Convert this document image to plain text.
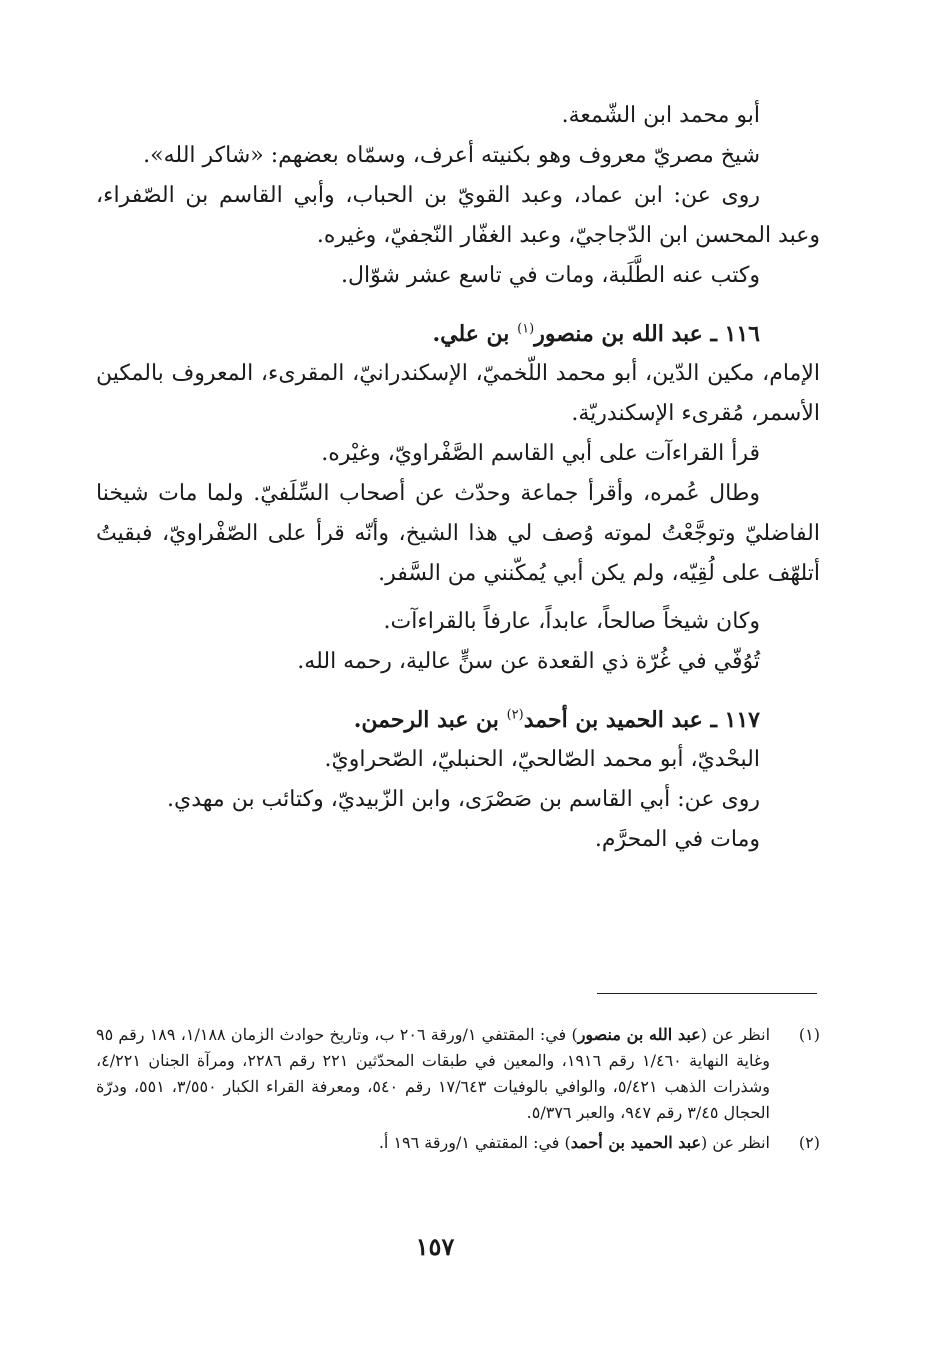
أبو محمد ابن الشّمعة.

شيخ مصريّ معروف وهو بكنيته أعرف، وسمّاه بعضهم: «شاكر الله».

روى عن: ابن عماد، وعبد القويّ بن الحباب، وأبي القاسم بن الصّفراء، وعبد المحسن ابن الدّجاجيّ، وعبد الغفّار النّجفيّ، وغيره.

وكتب عنه الطَّلَبة، ومات في تاسع عشر شوّال.

١١٦ ـ عبد الله بن منصور$^{(١)}$ بن علي.

الإمام، مكين الدّين، أبو محمد اللّخميّ، الإسكندرانيّ، المقرىء، المعروف بالمكين الأسمر، مُقرىء الإسكندريّة.

قرأ القراءآت على أبي القاسم الصَّفْراويّ، وغيْره.

وطال عُمره، وأقرأ جماعة وحدّث عن أصحاب السِّلَفيّ. ولما مات شيخنا الفاضليّ وتوجَّعْتُ لموته وُصف لي هذا الشيخ، وأنّه قرأ على الصّفْراويّ، فبقيتُ أتلهّف على لُقِيّه، ولم يكن أبي يُمكّنني من السَّفر.

وكان شيخاً صالحاً، عابداً، عارفاً بالقراءآت.

تُوُفّي في غُرّة ذي القعدة عن سنٍّ عالية، رحمه الله.

١١٧ ـ عبد الحميد بن أحمد$^{(٢)}$ بن عبد الرحمن.

البحْديّ، أبو محمد الصّالحيّ، الحنبليّ، الصّحراويّ.

روى عن: أبي القاسم بن صَصْرَى، وابن الزّبيديّ، وكتائب بن مهدي.

ومات في المحرَّم.

(١)
انظر عن (عبد الله بن منصور) في: المقتفي ١/ورقة ٢٠٦ ب، وتاريخ حوادث الزمان ١/١٨٨، ١٨٩ رقم ٩٥ وغاية النهاية ١/٤٦٠ رقم ١٩١٦، والمعين في طبقات المحدّثين ٢٢١ رقم ٢٢٨٦، ومرآة الجنان ٤/٢٢١، وشذرات الذهب ٥/٤٢١، والوافي بالوفيات ١٧/٦٤٣ رقم ٥٤٠، ومعرفة القراء الكبار ٣/٥٥٠، ٥٥١، ودرّة الحجال ٣/٤٥ رقم ٩٤٧، والعبر ٥/٣٧٦.
(٢)
انظر عن (عبد الحميد بن أحمد) في: المقتفي ١/ورقة ١٩٦ أ.
١٥٧
